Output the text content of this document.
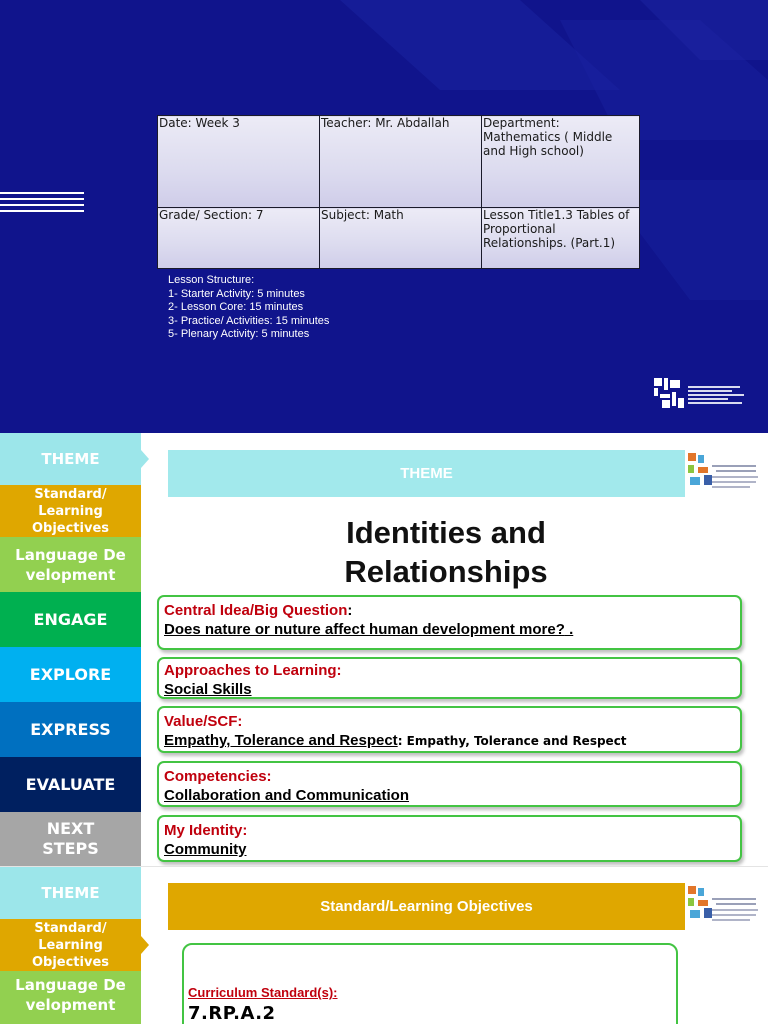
Date: Week 3	Teacher: Mr. Abdallah	Department: Mathematics ( Middle and High school)
Grade/ Section: 7	Subject: Math	Lesson Title1.3 Tables of Proportional Relationships. (Part.1)
Lesson Structure:
1- Starter Activity: 5 minutes
2- Lesson Core: 15 minutes
3- Practice/ Activities: 15 minutes
5- Plenary Activity: 5 minutes
THEME
Standard/ Learning Objectives
Language Development
ENGAGE
EXPLORE
EXPRESS
EVALUATE
NEXT STEPS
THEME
Identities and
Relationships
Central Idea/Big Question:
Does nature or nuture affect human development more? .
Approaches to Learning:
Social Skills
Value/SCF:
Empathy, Tolerance and Respect: Empathy, Tolerance and Respect
Competencies:
Collaboration and Communication
My Identity:
Community
THEME
Standard/ Learning Objectives
Language Development
Standard/Learning Objectives
Curriculum Standard(s):
7.RP.A.2
